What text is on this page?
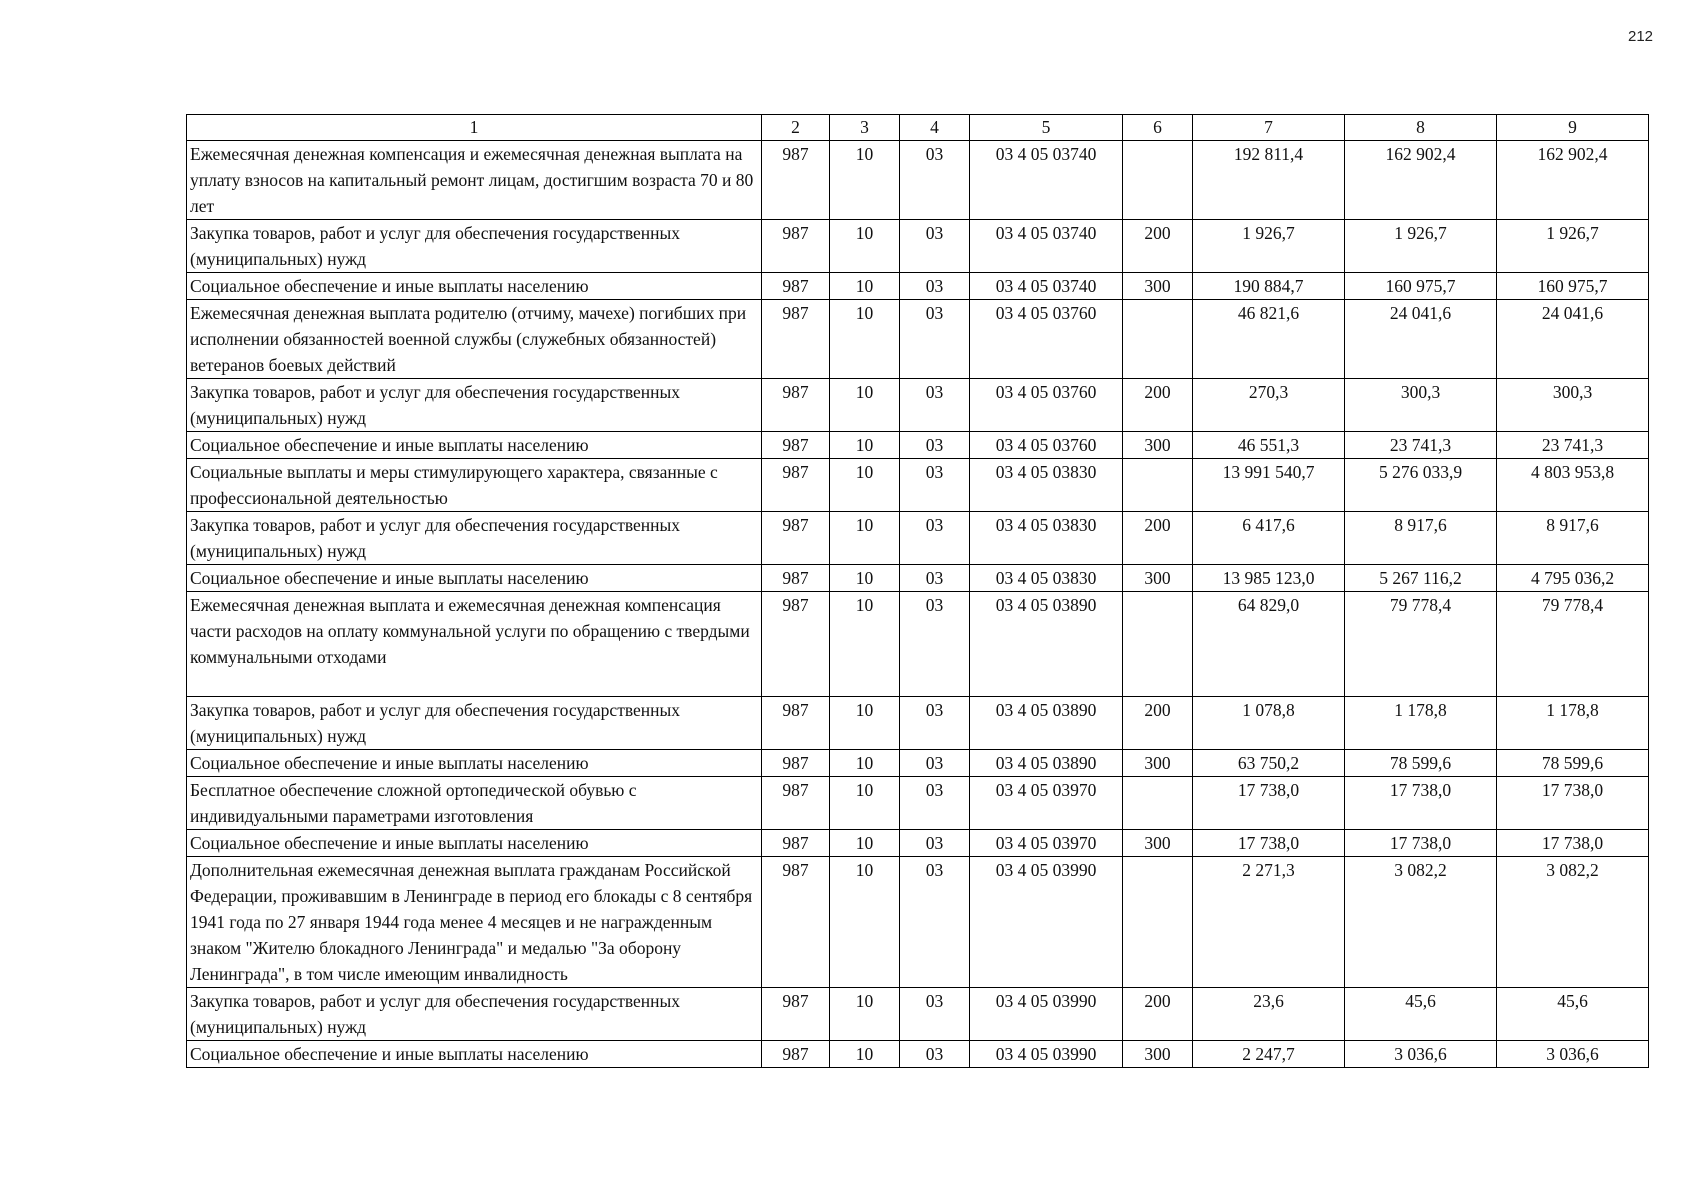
212
1	2	3	4	5	6	7	8	9
Ежемесячная денежная компенсация и ежемесячная денежная выплата на уплату взносов на капитальный ремонт лицам, достигшим возраста 70 и 80 лет	987	10	03	03 4 05 03740		192 811,4	162 902,4	162 902,4
Закупка товаров, работ и услуг для обеспечения государственных (муниципальных) нужд	987	10	03	03 4 05 03740	200	1 926,7	1 926,7	1 926,7
Социальное обеспечение и иные выплаты населению	987	10	03	03 4 05 03740	300	190 884,7	160 975,7	160 975,7
Ежемесячная денежная выплата родителю (отчиму, мачехе) погибших при исполнении обязанностей военной службы (служебных обязанностей) ветеранов боевых действий	987	10	03	03 4 05 03760		46 821,6	24 041,6	24 041,6
Закупка товаров, работ и услуг для обеспечения государственных (муниципальных) нужд	987	10	03	03 4 05 03760	200	270,3	300,3	300,3
Социальное обеспечение и иные выплаты населению	987	10	03	03 4 05 03760	300	46 551,3	23 741,3	23 741,3
Социальные выплаты и меры стимулирующего характера, связанные с профессиональной деятельностью	987	10	03	03 4 05 03830		13 991 540,7	5 276 033,9	4 803 953,8
Закупка товаров, работ и услуг для обеспечения государственных (муниципальных) нужд	987	10	03	03 4 05 03830	200	6 417,6	8 917,6	8 917,6
Социальное обеспечение и иные выплаты населению	987	10	03	03 4 05 03830	300	13 985 123,0	5 267 116,2	4 795 036,2
Ежемесячная денежная выплата и ежемесячная денежная компенсация части расходов на оплату коммунальной услуги по обращению с твердыми коммунальными отходами	987	10	03	03 4 05 03890		64 829,0	79 778,4	79 778,4
Закупка товаров, работ и услуг для обеспечения государственных (муниципальных) нужд	987	10	03	03 4 05 03890	200	1 078,8	1 178,8	1 178,8
Социальное обеспечение и иные выплаты населению	987	10	03	03 4 05 03890	300	63 750,2	78 599,6	78 599,6
Бесплатное обеспечение сложной ортопедической обувью с индивидуальными параметрами изготовления	987	10	03	03 4 05 03970		17 738,0	17 738,0	17 738,0
Социальное обеспечение и иные выплаты населению	987	10	03	03 4 05 03970	300	17 738,0	17 738,0	17 738,0
Дополнительная ежемесячная денежная выплата гражданам Российской Федерации, проживавшим в Ленинграде в период его блокады с 8 сентября 1941 года по 27 января 1944 года менее 4 месяцев и не награжденным знаком "Жителю блокадного Ленинграда" и медалью "За оборону Ленинграда", в том числе имеющим инвалидность	987	10	03	03 4 05 03990		2 271,3	3 082,2	3 082,2
Закупка товаров, работ и услуг для обеспечения государственных (муниципальных) нужд	987	10	03	03 4 05 03990	200	23,6	45,6	45,6
Социальное обеспечение и иные выплаты населению	987	10	03	03 4 05 03990	300	2 247,7	3 036,6	3 036,6
